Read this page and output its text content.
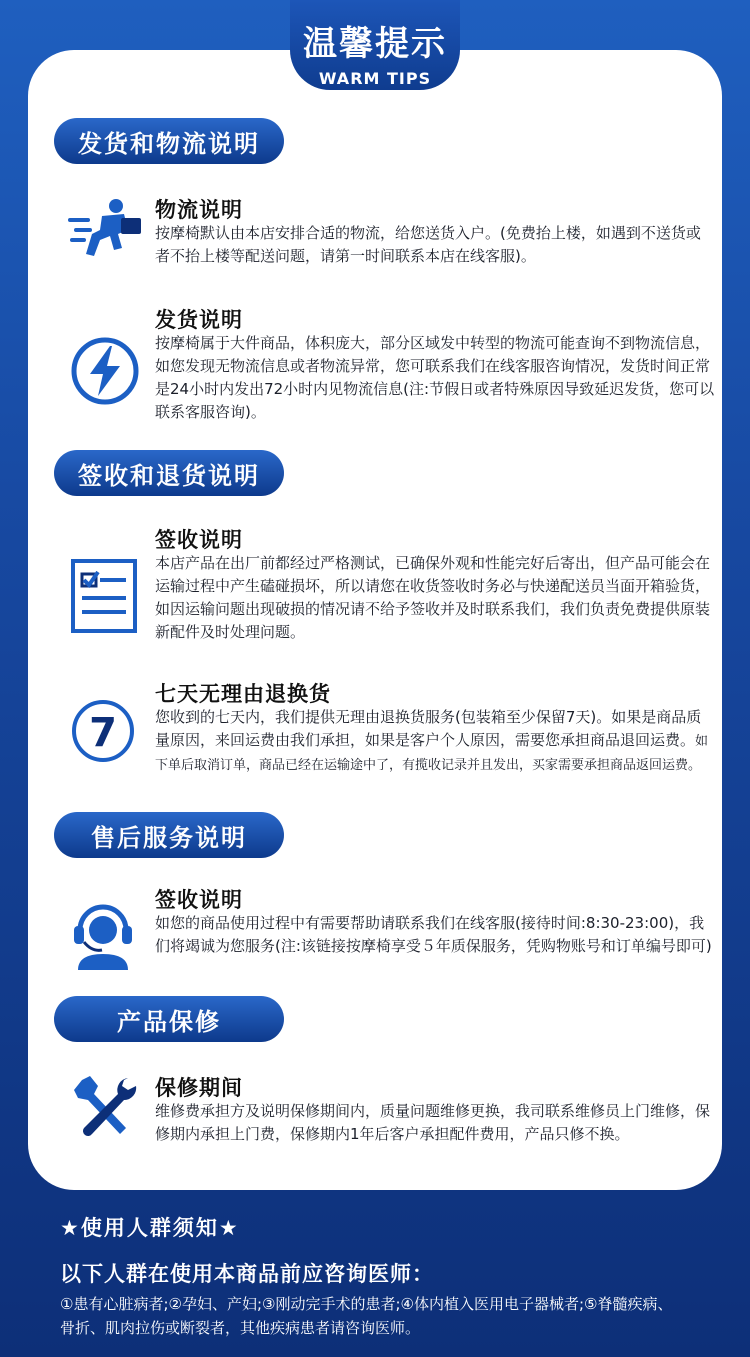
温馨提示
WARM TIPS
发货和物流说明
物流说明
按摩椅默认由本店安排合适的物流，给您送货入户。(免费抬上楼，如遇到不送货或者不抬上楼等配送问题，请第一时间联系本店在线客服)。
发货说明
按摩椅属于大件商品，体积庞大，部分区域发中转型的物流可能查询不到物流信息，如您发现无物流信息或者物流异常，您可联系我们在线客服咨询情况，发货时间正常是24小时内发出72小时内见物流信息(注:节假日或者特殊原因导致延迟发货，您可以联系客服咨询)。
签收和退货说明
签收说明
本店产品在出厂前都经过严格测试，已确保外观和性能完好后寄出，但产品可能会在运输过程中产生磕碰损坏，所以请您在收货签收时务必与快递配送员当面开箱验货，如因运输问题出现破损的情况请不给予签收并及时联系我们，我们负责免费提供原装新配件及时处理问题。
7
七天无理由退换货
您收到的七天内，我们提供无理由退换货服务(包装箱至少保留7天)。如果是商品质量原因，来回运费由我们承担，如果是客户个人原因，需要您承担商品退回运费。如下单后取消订单，商品已经在运输途中了，有揽收记录并且发出，买家需要承担商品返回运费。
售后服务说明
签收说明
如您的商品使用过程中有需要帮助请联系我们在线客服(接待时间:8:30-23:00)，我们将竭诚为您服务(注:该链接按摩椅享受５年质保服务，凭购物账号和订单编号即可)
产品保修
保修期间
维修费承担方及说明保修期间内，质量问题维修更换，我司联系维修员上门维修，保修期内承担上门费，保修期内1年后客户承担配件费用，产品只修不换。
★使用人群须知★
以下人群在使用本商品前应咨询医师：
①患有心脏病者;②孕妇、产妇;③刚动完手术的患者;④体内植入医用电子器械者;⑤脊髓疾病、骨折、肌肉拉伤或断裂者，其他疾病患者请咨询医师。
